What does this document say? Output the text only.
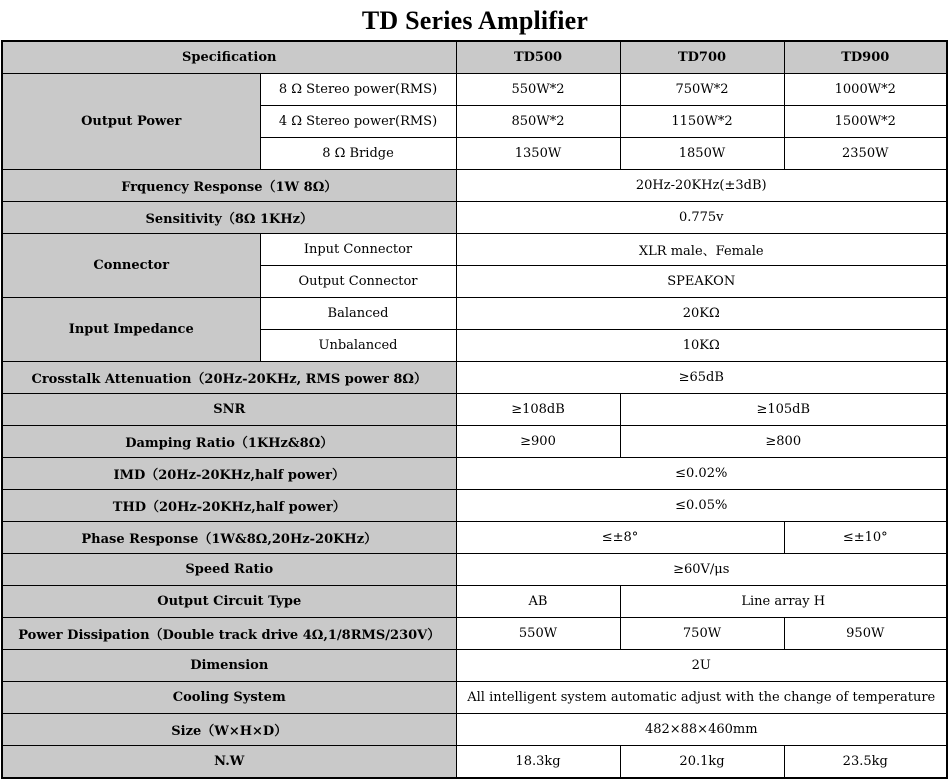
TD Series Amplifier
Specification		TD500	TD700	TD900
Output Power	8 Ω Stereo power(RMS)	550W*2	750W*2	1000W*2
	4 Ω Stereo power(RMS)	850W*2	1150W*2	1500W*2
	8 Ω Bridge	1350W	1850W	2350W
Frquency Response（1W 8Ω）		20Hz-20KHz(±3dB)		
Sensitivity（8Ω 1KHz）		0.775v		
Connector	Input Connector	XLR male、Female		
	Output Connector	SPEAKON		
Input Impedance	Balanced	20KΩ		
	Unbalanced	10KΩ		
Crosstalk Attenuation（20Hz-20KHz, RMS power 8Ω）		≥65dB		
SNR		≥108dB	≥105dB	
Damping Ratio（1KHz&8Ω）		≥900	≥800	
IMD（20Hz-20KHz,half power）		≤0.02%		
THD（20Hz-20KHz,half power）		≤0.05%		
Phase Response（1W&8Ω,20Hz-20KHz）		≤±8°		≤±10°
Speed Ratio		≥60V/μs		
Output Circuit Type		AB	Line array H	
Power Dissipation（Double track drive 4Ω,1/8RMS/230V）		550W	750W	950W
Dimension		2U		
Cooling System		All intelligent system automatic adjust with the change of temperature		
Size（W×H×D）		482×88×460mm		
N.W		18.3kg	20.1kg	23.5kg
